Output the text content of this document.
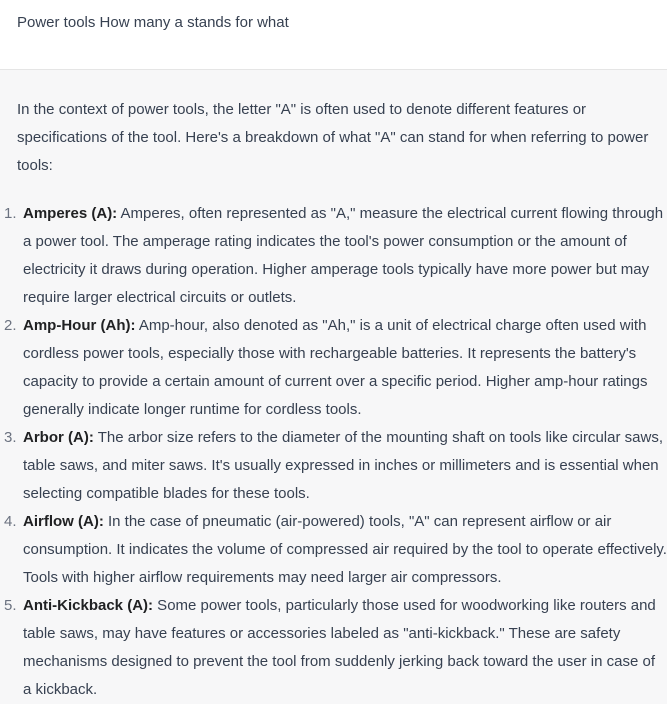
Power tools How many a stands for what

In the context of power tools, the letter "A" is often used to denote different features or specifications of the tool. Here's a breakdown of what "A" can stand for when referring to power tools:

1. Amperes (A): Amperes, often represented as "A," measure the electrical current flowing through a power tool. The amperage rating indicates the tool's power consumption or the amount of electricity it draws during operation. Higher amperage tools typically have more power but may require larger electrical circuits or outlets.
2. Amp-Hour (Ah): Amp-hour, also denoted as "Ah," is a unit of electrical charge often used with cordless power tools, especially those with rechargeable batteries. It represents the battery's capacity to provide a certain amount of current over a specific period. Higher amp-hour ratings generally indicate longer runtime for cordless tools.
3. Arbor (A): The arbor size refers to the diameter of the mounting shaft on tools like circular saws, table saws, and miter saws. It's usually expressed in inches or millimeters and is essential when selecting compatible blades for these tools.
4. Airflow (A): In the case of pneumatic (air-powered) tools, "A" can represent airflow or air consumption. It indicates the volume of compressed air required by the tool to operate effectively. Tools with higher airflow requirements may need larger air compressors.
5. Anti-Kickback (A): Some power tools, particularly those used for woodworking like routers and table saws, may have features or accessories labeled as "anti-kickback." These are safety mechanisms designed to prevent the tool from suddenly jerking back toward the user in case of a kickback.
